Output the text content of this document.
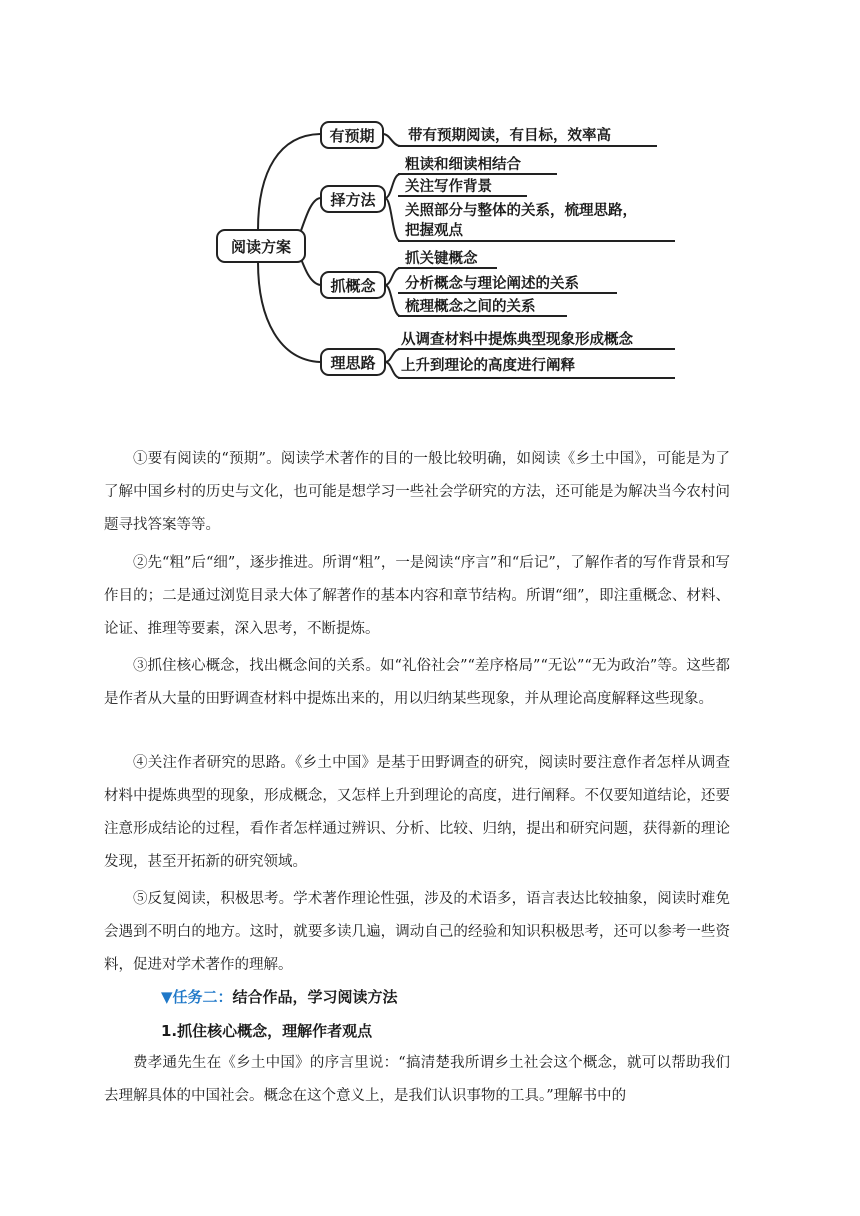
阅读方案
有预期
择方法
抓概念
理思路
带有预期阅读，有目标，效率高
粗读和细读相结合
关注写作背景
关照部分与整体的关系，梳理思路，
把握观点
抓关键概念
分析概念与理论阐述的关系
梳理概念之间的关系
从调查材料中提炼典型现象形成概念
上升到理论的高度进行阐释

①要有阅读的“预期”。阅读学术著作的目的一般比较明确，如阅读《乡土中国》，可能是为了了解中国乡村的历史与文化，也可能是想学习一些社会学研究的方法，还可能是为解决当今农村问题寻找答案等等。

②先“粗”后“细”，逐步推进。所谓“粗”，一是阅读“序言”和“后记”，了解作者的写作背景和写作目的；二是通过浏览目录大体了解著作的基本内容和章节结构。所谓“细”，即注重概念、材料、论证、推理等要素，深入思考，不断提炼。

③抓住核心概念，找出概念间的关系。如“礼俗社会”“差序格局”“无讼”“无为政治”等。这些都是作者从大量的田野调查材料中提炼出来的，用以归纳某些现象，并从理论高度解释这些现象。

④关注作者研究的思路。《乡土中国》是基于田野调查的研究，阅读时要注意作者怎样从调查材料中提炼典型的现象，形成概念，又怎样上升到理论的高度，进行阐释。不仅要知道结论，还要注意形成结论的过程，看作者怎样通过辨识、分析、比较、归纳，提出和研究问题，获得新的理论发现，甚至开拓新的研究领域。

⑤反复阅读，积极思考。学术著作理论性强，涉及的术语多，语言表达比较抽象，阅读时难免会遇到不明白的地方。这时，就要多读几遍，调动自己的经验和知识积极思考，还可以参考一些资料，促进对学术著作的理解。

▼任务二：结合作品，学习阅读方法
1.抓住核心概念，理解作者观点

费孝通先生在《乡土中国》的序言里说：“搞清楚我所谓乡土社会这个概念，就可以帮助我们去理解具体的中国社会。概念在这个意义上，是我们认识事物的工具。”理解书中的
